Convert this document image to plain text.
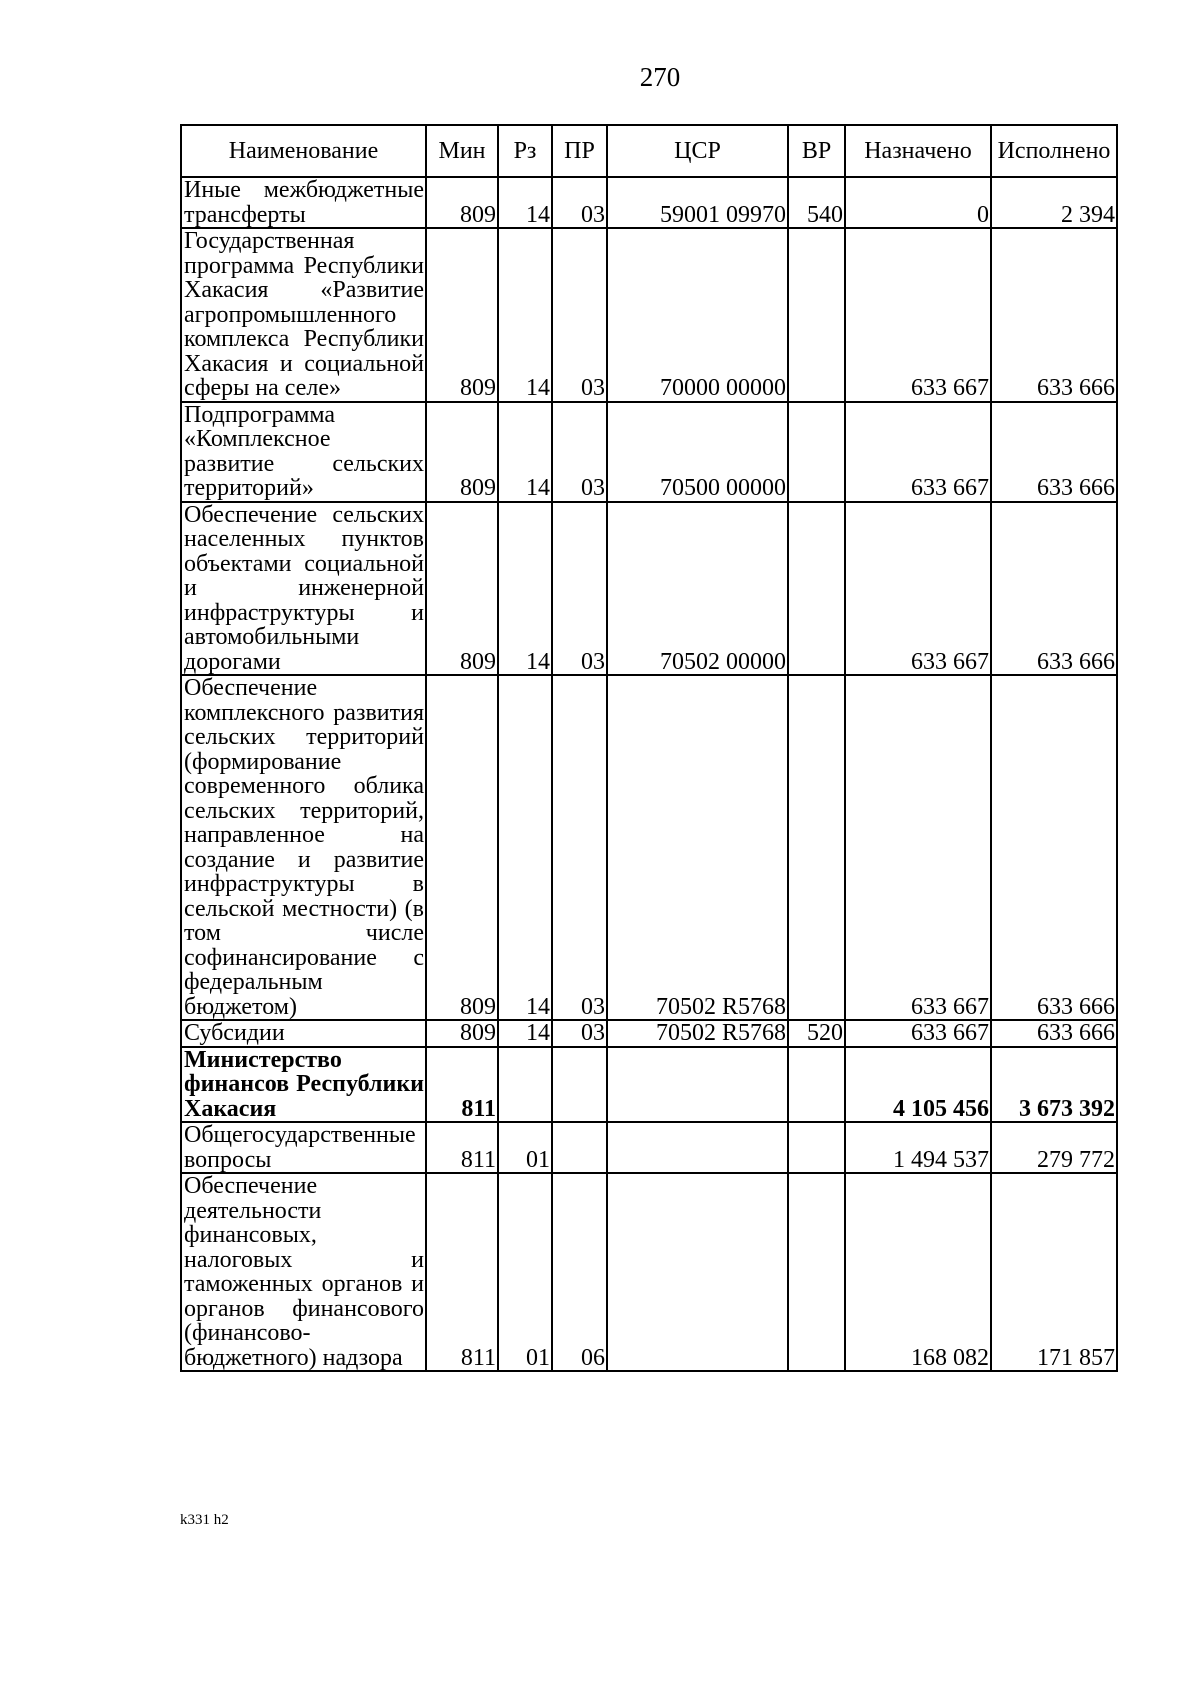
270
Наименование	Мин	Рз	ПР	ЦСР	ВР	Назначено	Исполнено
Иные межбюджетные трансферты	809	14	03	59001 09970	540	0	2 394
Государственная программа Республики Хакасия «Развитие агропромышленного комплекса Республики Хакасия и социальной сферы на селе»	809	14	03	70000 00000		633 667	633 666
Подпрограмма «Комплексное развитие сельских территорий»	809	14	03	70500 00000		633 667	633 666
Обеспечение сельских населенных пунктов объектами социальной и инженерной инфраструктуры и автомобильными дорогами	809	14	03	70502 00000		633 667	633 666
Обеспечение комплексного развития сельских территорий (формирование современного облика сельских территорий, направленное на создание и развитие инфраструктуры в сельской местности) (в том числе софинансирование с федеральным бюджетом)	809	14	03	70502 R5768		633 667	633 666
Субсидии	809	14	03	70502 R5768	520	633 667	633 666
Министерство финансов Республики Хакасия	811					4 105 456	3 673 392
Общегосударственные вопросы	811	01				1 494 537	279 772
Обеспечение деятельности финансовых, налоговых и таможенных органов и органов финансового (финансово-бюджетного) надзора	811	01	06			168 082	171 857
k331 h2
